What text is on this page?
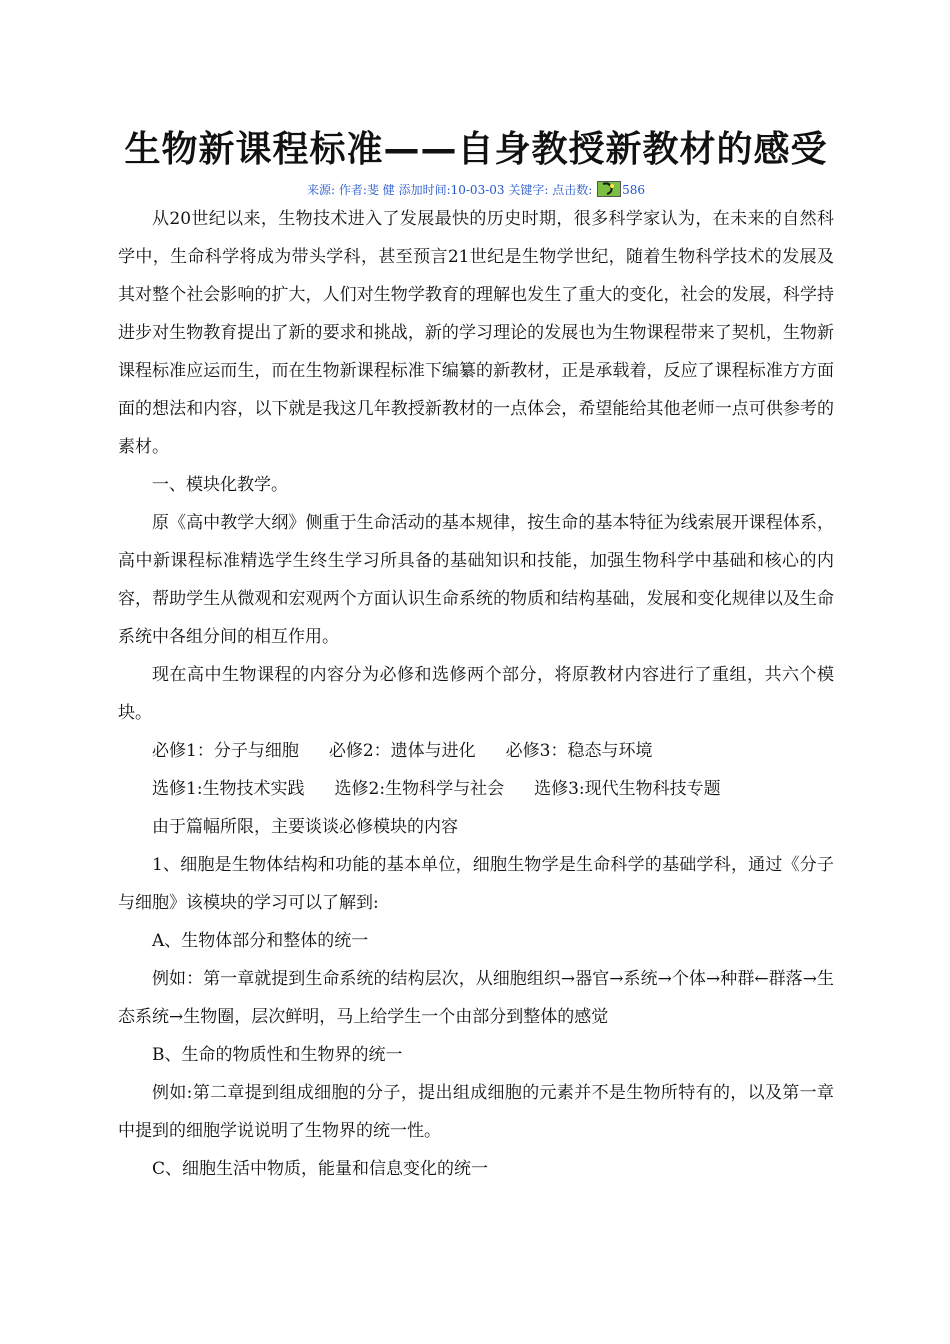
生物新课程标准——自身教授新教材的感受
来源: 作者:斐 健 添加时间:10-03-03 关键字: 点击数: 586

从20世纪以来，生物技术进入了发展最快的历史时期，很多科学家认为，在未来的自然科学中，生命科学将成为带头学科，甚至预言21世纪是生物学世纪，随着生物科学技术的发展及其对整个社会影响的扩大，人们对生物学教育的理解也发生了重大的变化，社会的发展，科学持进步对生物教育提出了新的要求和挑战，新的学习理论的发展也为生物课程带来了契机，生物新课程标准应运而生，而在生物新课程标准下编纂的新教材，正是承载着，反应了课程标准方方面面的想法和内容，以下就是我这几年教授新教材的一点体会，希望能给其他老师一点可供参考的素材。

一、模块化教学。

原《高中教学大纲》侧重于生命活动的基本规律，按生命的基本特征为线索展开课程体系，高中新课程标准精选学生终生学习所具备的基础知识和技能，加强生物科学中基础和核心的内容，帮助学生从微观和宏观两个方面认识生命系统的物质和结构基础，发展和变化规律以及生命系统中各组分间的相互作用。

现在高中生物课程的内容分为必修和选修两个部分，将原教材内容进行了重组，共六个模块。

必修1：分子与细胞 必修2：遗体与进化 必修3：稳态与环境
选修1:生物技术实践 选修2:生物科学与社会 选修3:现代生物科技专题

由于篇幅所限，主要谈谈必修模块的内容

1、细胞是生物体结构和功能的基本单位，细胞生物学是生命科学的基础学科，通过《分子与细胞》该模块的学习可以了解到:

A、生物体部分和整体的统一

例如：第一章就提到生命系统的结构层次，从细胞组织→器官→系统→个体→种群←群落→生态系统→生物圈，层次鲜明，马上给学生一个由部分到整体的感觉

B、生命的物质性和生物界的统一

例如:第二章提到组成细胞的分子，提出组成细胞的元素并不是生物所特有的，以及第一章中提到的细胞学说说明了生物界的统一性。

C、细胞生活中物质，能量和信息变化的统一
